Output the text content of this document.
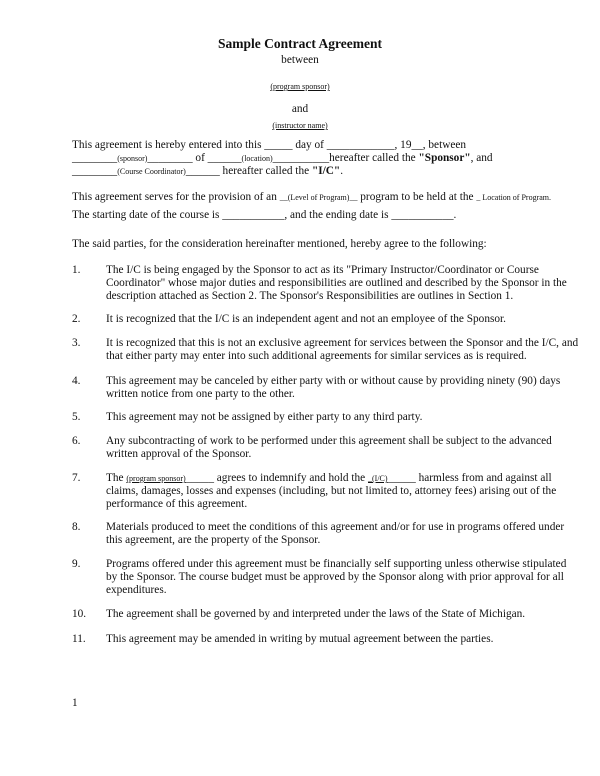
Sample Contract Agreement
between
(program sponsor)
and
(instructor name)
This agreement is hereby entered into this _____ day of ____________, 19__, between
________(sponsor)________ of ______(location)__________hereafter called the "Sponsor", and
________(Course Coordinator)______ hereafter called the "I/C".
This agreement serves for the provision of an __(Level of Program)__ program to be held at the _ Location of Program.
The starting date of the course is ___________, and the ending date is ___________.
The said parties, for the consideration hereinafter mentioned, hereby agree to the following:
1. The I/C is being engaged by the Sponsor to act as its "Primary Instructor/Coordinator or Course
Coordinator" whose major duties and responsibilities are outlined and described by the Sponsor in the
description attached as Section 2. The Sponsor's Responsibilities are outlines in Section 1.
2. It is recognized that the I/C is an independent agent and not an employee of the Sponsor.
3. It is recognized that this is not an exclusive agreement for services between the Sponsor and the I/C, and
that either party may enter into such additional agreements for similar services as is required.
4. This agreement may be canceled by either party with or without cause by providing ninety (90) days
written notice from one party to the other.
5. This agreement may not be assigned by either party to any third party.
6. Any subcontracting of work to be performed under this agreement shall be subject to the advanced
written approval of the Sponsor.
7. The (program sponsor)_____ agrees to indemnify and hold the _(I/C)_____ harmless from and against all
claims, damages, losses and expenses (including, but not limited to, attorney fees) arising out of the
performance of this agreement.
8. Materials produced to meet the conditions of this agreement and/or for use in programs offered under
this agreement, are the property of the Sponsor.
9. Programs offered under this agreement must be financially self supporting unless otherwise stipulated
by the Sponsor. The course budget must be approved by the Sponsor along with prior approval for all
expenditures.
10. The agreement shall be governed by and interpreted under the laws of the State of Michigan.
11. This agreement may be amended in writing by mutual agreement between the parties.
1
